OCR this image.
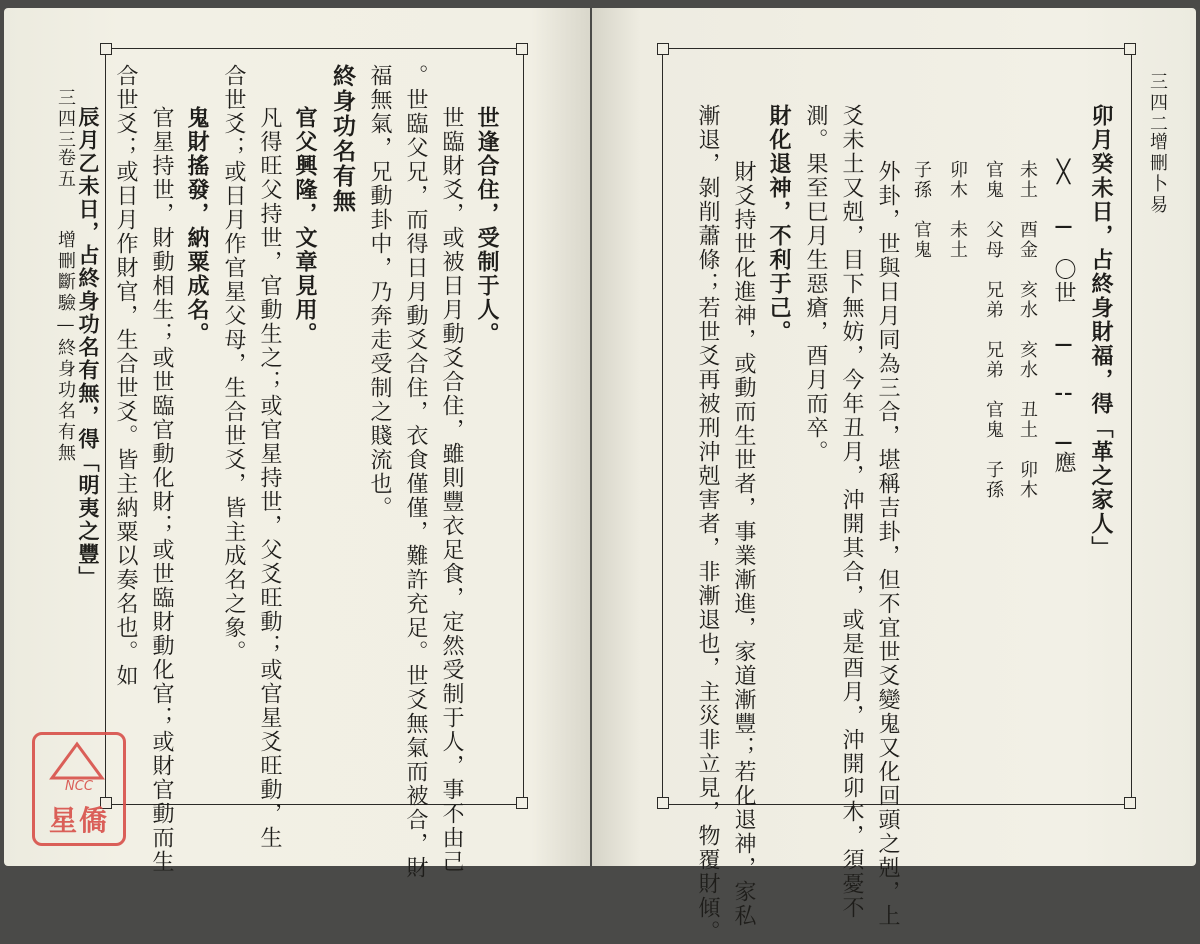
三四三
卷五
增刪斷驗—終身功名有無
世逢合住，受制于人。
世臨財爻，或被日月動爻合住，雖則豐衣足食，定然受制于人，事不由己
。世臨父兄，而得日月動爻合住，衣食僅僅，難許充足。世爻無氣而被合，財
福無氣，兄動卦中，乃奔走受制之賤流也。
終身功名有無
官父興隆，文章見用。
凡得旺父持世，官動生之；或官星持世，父爻旺動；或官星爻旺動，生
合世爻；或日月作官星父母，生合世爻，皆主成名之象。
鬼財搖發，納粟成名。
官星持世，財動相生；或世臨官動化財；或世臨財動化官；或財官動而生
合世爻；或日月作財官，生合世爻。皆主納粟以奏名也。如
辰月乙未日，占終身功名有無，得「明夷之豐」
三四二
增刪卜易
卯月癸未日，占終身財福，得「革之家人」
╳　⚊　〇世　⚊　⚋　⚊應
未土　酉金　亥水　亥水　丑土　卯木
官鬼　父母　兄弟　兄弟　官鬼　子孫
卯木　未土
子孫　官鬼
外卦，世與日月同為三合，堪稱吉卦，但不宜世爻變鬼又化回頭之剋，上
爻未土又剋，目下無妨，今年丑月，沖開其合，或是酉月，沖開卯木，須憂不
測。果至巳月生惡瘡，酉月而卒。
財化退神，不利于己。
財爻持世化進神，或動而生世者，事業漸進，家道漸豐；若化退神，家私
漸退，剝削蕭條；若世爻再被刑沖剋害者，非漸退也，主災非立見，物覆財傾。
NCC
星僑
